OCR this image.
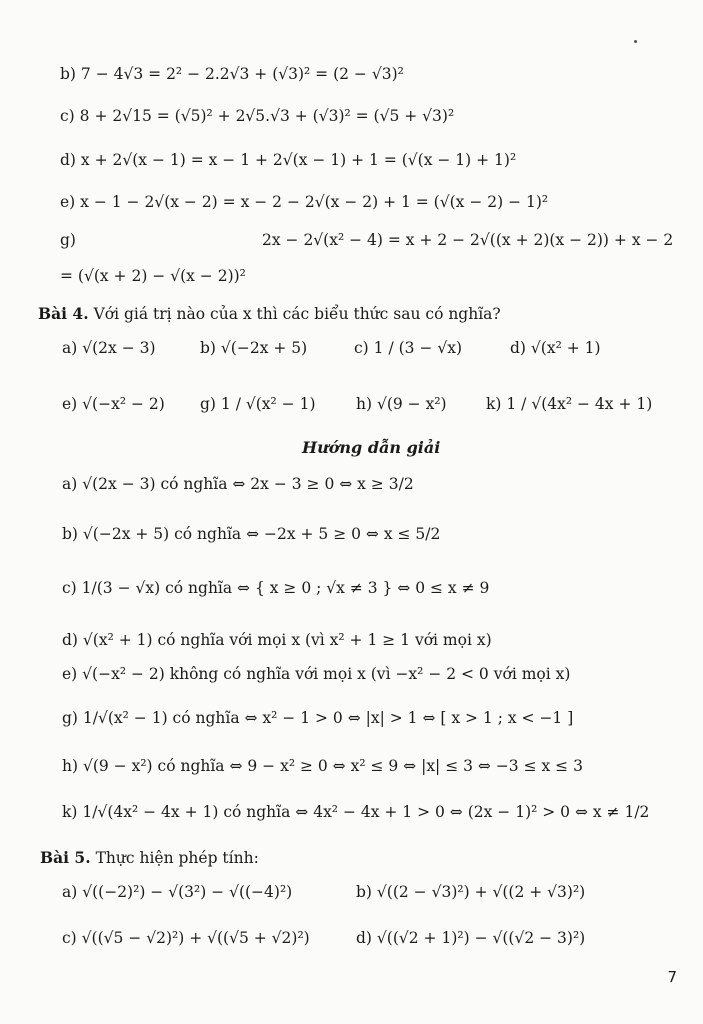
b) 7 − 4√3 = 2² − 2.2√3 + (√3)² = (2 − √3)²
c) 8 + 2√15 = (√5)² + 2√5.√3 + (√3)² = (√5 + √3)²
d) x + 2√(x − 1) = x − 1 + 2√(x − 1) + 1 = (√(x − 1) + 1)²
e) x − 1 − 2√(x − 2) = x − 2 − 2√(x − 2) + 1 = (√(x − 2) − 1)²
g)	2x − 2√(x² − 4) = x + 2 − 2√((x + 2)(x − 2)) + x − 2
= (√(x + 2) − √(x − 2))²
Bài 4. Với giá trị nào của x thì các biểu thức sau có nghĩa?
a) √(2x − 3)	b) √(−2x + 5)	c) 1 / (3 − √x)	d) √(x² + 1)
e) √(−x² − 2) g) 1 / √(x² − 1)	h) √(9 − x²)	k) 1 / √(4x² − 4x + 1)
Hướng dẫn giải
a) √(2x − 3) có nghĩa ⇔ 2x − 3 ≥ 0 ⇔ x ≥ 3/2
b) √(−2x + 5) có nghĩa ⇔ −2x + 5 ≥ 0 ⇔ x ≤ 5/2
c) 1/(3 − √x) có nghĩa ⇔ { x ≥ 0 ; √x ≠ 3 } ⇔ 0 ≤ x ≠ 9
d) √(x² + 1) có nghĩa với mọi x (vì x² + 1 ≥ 1 với mọi x)
e) √(−x² − 2) không có nghĩa với mọi x (vì −x² − 2 < 0 với mọi x)
g) 1/√(x² − 1) có nghĩa ⇔ x² − 1 > 0 ⇔ |x| > 1 ⇔ [ x > 1 ; x < −1 ]
h) √(9 − x²) có nghĩa ⇔ 9 − x² ≥ 0 ⇔ x² ≤ 9 ⇔ |x| ≤ 3 ⇔ −3 ≤ x ≤ 3
k) 1/√(4x² − 4x + 1) có nghĩa ⇔ 4x² − 4x + 1 > 0 ⇔ (2x − 1)² > 0 ⇔ x ≠ 1/2
Bài 5. Thực hiện phép tính:
a) √((−2)²) − √(3²) − √((−4)²)	b) √((2 − √3)²) + √((2 + √3)²)
c) √((√5 − √2)²) + √((√5 + √2)²)	d) √((√2 + 1)²) − √((√2 − 3)²)
7
